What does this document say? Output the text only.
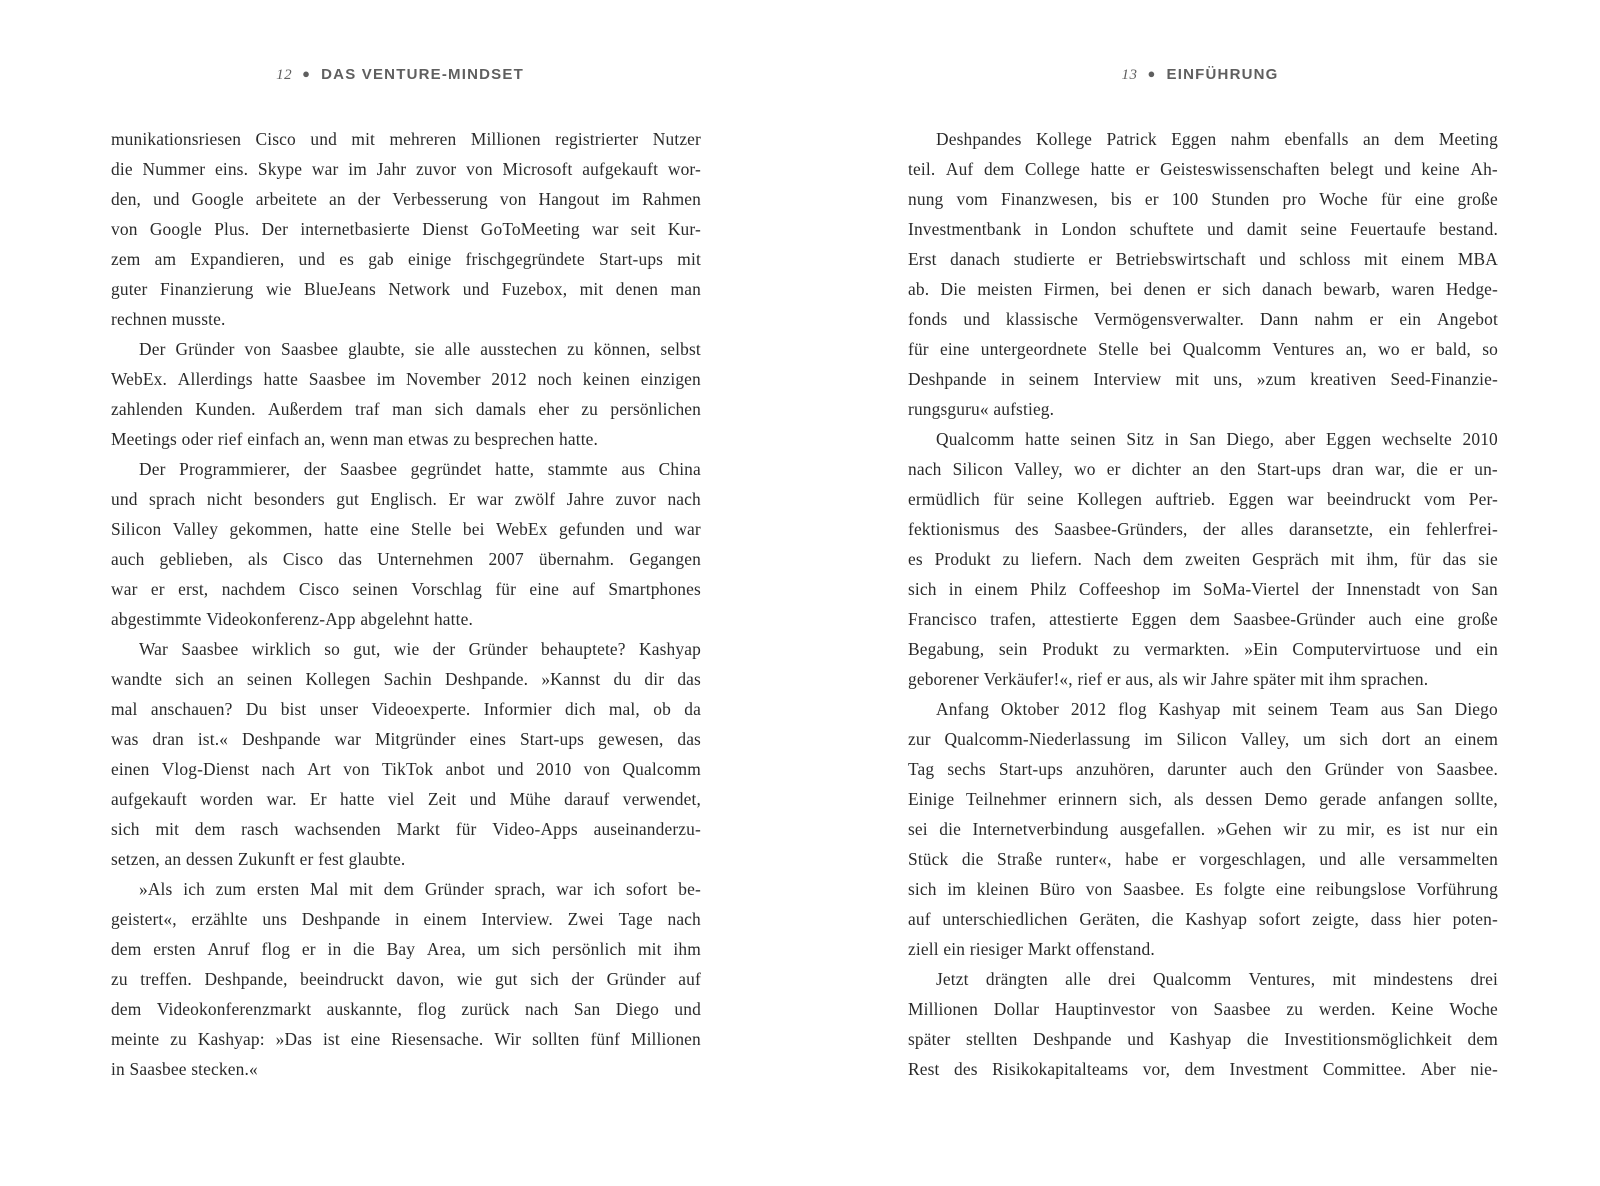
12 ● DAS VENTURE-MINDSET
munikationsriesen Cisco und mit mehreren Millionen registrierter Nutzer
die Nummer eins. Skype war im Jahr zuvor von Microsoft aufgekauft wor-
den, und Google arbeitete an der Verbesserung von Hangout im Rahmen
von Google Plus. Der internetbasierte Dienst GoToMeeting war seit Kur-
zem am Expandieren, und es gab einige frischgegründete Start-ups mit
guter Finanzierung wie BlueJeans Network und Fuzebox, mit denen man
rechnen musste.
Der Gründer von Saasbee glaubte, sie alle ausstechen zu können, selbst
WebEx. Allerdings hatte Saasbee im November 2012 noch keinen einzigen
zahlenden Kunden. Außerdem traf man sich damals eher zu persönlichen
Meetings oder rief einfach an, wenn man etwas zu besprechen hatte.
Der Programmierer, der Saasbee gegründet hatte, stammte aus China
und sprach nicht besonders gut Englisch. Er war zwölf Jahre zuvor nach
Silicon Valley gekommen, hatte eine Stelle bei WebEx gefunden und war
auch geblieben, als Cisco das Unternehmen 2007 übernahm. Gegangen
war er erst, nachdem Cisco seinen Vorschlag für eine auf Smartphones
abgestimmte Videokonferenz-App abgelehnt hatte.
War Saasbee wirklich so gut, wie der Gründer behauptete? Kashyap
wandte sich an seinen Kollegen Sachin Deshpande. »Kannst du dir das
mal anschauen? Du bist unser Videoexperte. Informier dich mal, ob da
was dran ist.« Deshpande war Mitgründer eines Start-ups gewesen, das
einen Vlog-Dienst nach Art von TikTok anbot und 2010 von Qualcomm
aufgekauft worden war. Er hatte viel Zeit und Mühe darauf verwendet,
sich mit dem rasch wachsenden Markt für Video-Apps auseinanderzu-
setzen, an dessen Zukunft er fest glaubte.
»Als ich zum ersten Mal mit dem Gründer sprach, war ich sofort be-
geistert«, erzählte uns Deshpande in einem Interview. Zwei Tage nach
dem ersten Anruf flog er in die Bay Area, um sich persönlich mit ihm
zu treffen. Deshpande, beeindruckt davon, wie gut sich der Gründer auf
dem Videokonferenzmarkt auskannte, flog zurück nach San Diego und
meinte zu Kashyap: »Das ist eine Riesensache. Wir sollten fünf Millionen
in Saasbee stecken.«
13 ● EINFÜHRUNG
Deshpandes Kollege Patrick Eggen nahm ebenfalls an dem Meeting
teil. Auf dem College hatte er Geisteswissenschaften belegt und keine Ah-
nung vom Finanzwesen, bis er 100 Stunden pro Woche für eine große
Investmentbank in London schuftete und damit seine Feuertaufe bestand.
Erst danach studierte er Betriebswirtschaft und schloss mit einem MBA
ab. Die meisten Firmen, bei denen er sich danach bewarb, waren Hedge-
fonds und klassische Vermögensverwalter. Dann nahm er ein Angebot
für eine untergeordnete Stelle bei Qualcomm Ventures an, wo er bald, so
Deshpande in seinem Interview mit uns, »zum kreativen Seed-Finanzie-
rungsguru« aufstieg.
Qualcomm hatte seinen Sitz in San Diego, aber Eggen wechselte 2010
nach Silicon Valley, wo er dichter an den Start-ups dran war, die er un-
ermüdlich für seine Kollegen auftrieb. Eggen war beeindruckt vom Per-
fektionismus des Saasbee-Gründers, der alles daransetzte, ein fehlerfrei-
es Produkt zu liefern. Nach dem zweiten Gespräch mit ihm, für das sie
sich in einem Philz Coffeeshop im SoMa-Viertel der Innenstadt von San
Francisco trafen, attestierte Eggen dem Saasbee-Gründer auch eine große
Begabung, sein Produkt zu vermarkten. »Ein Computervirtuose und ein
geborener Verkäufer!«, rief er aus, als wir Jahre später mit ihm sprachen.
Anfang Oktober 2012 flog Kashyap mit seinem Team aus San Diego
zur Qualcomm-Niederlassung im Silicon Valley, um sich dort an einem
Tag sechs Start-ups anzuhören, darunter auch den Gründer von Saasbee.
Einige Teilnehmer erinnern sich, als dessen Demo gerade anfangen sollte,
sei die Internetverbindung ausgefallen. »Gehen wir zu mir, es ist nur ein
Stück die Straße runter«, habe er vorgeschlagen, und alle versammelten
sich im kleinen Büro von Saasbee. Es folgte eine reibungslose Vorführung
auf unterschiedlichen Geräten, die Kashyap sofort zeigte, dass hier poten-
ziell ein riesiger Markt offenstand.
Jetzt drängten alle drei Qualcomm Ventures, mit mindestens drei
Millionen Dollar Hauptinvestor von Saasbee zu werden. Keine Woche
später stellten Deshpande und Kashyap die Investitionsmöglichkeit dem
Rest des Risikokapitalteams vor, dem Investment Committee. Aber nie-
